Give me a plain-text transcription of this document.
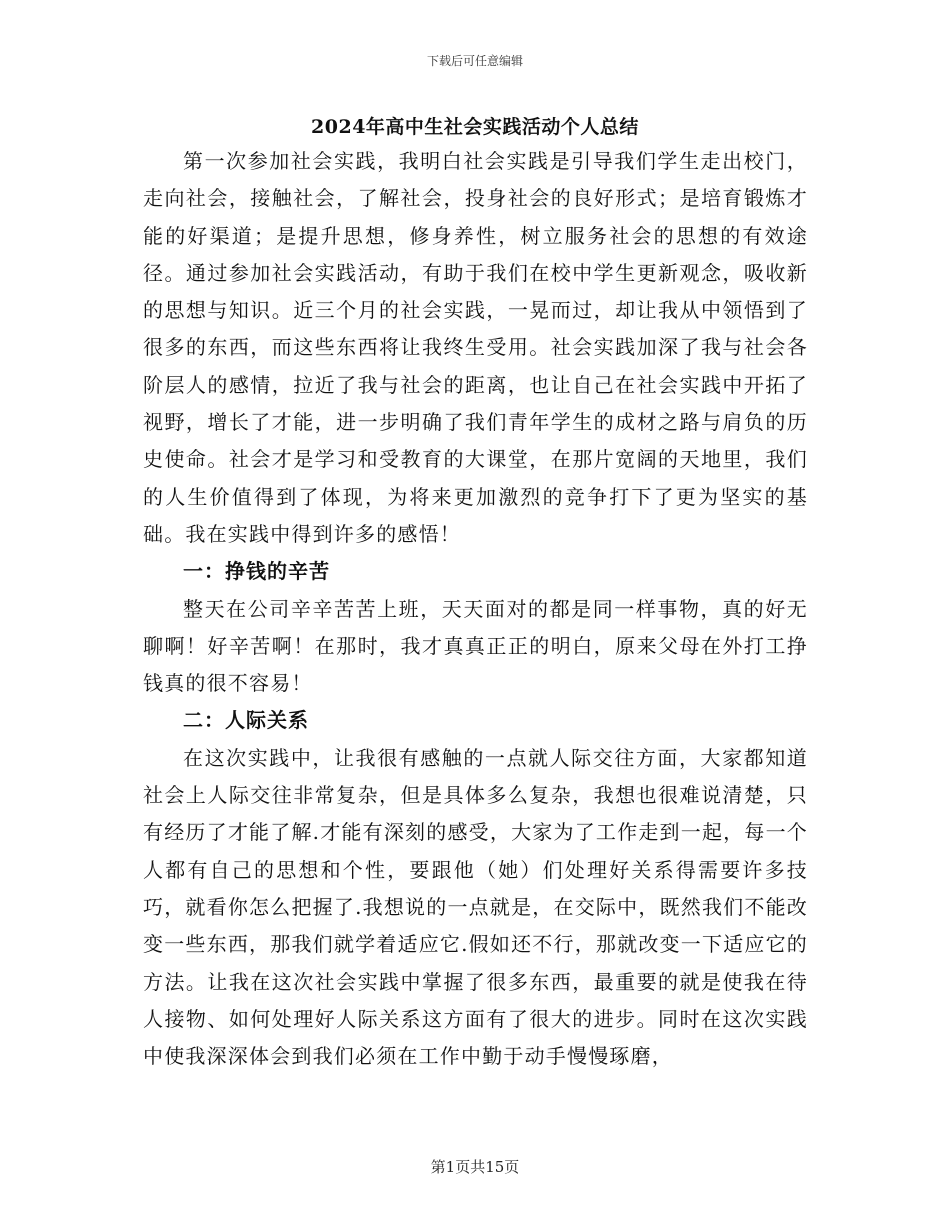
下载后可任意编辑
2024年高中生社会实践活动个人总结

第一次参加社会实践，我明白社会实践是引导我们学生走出校门，走向社会，接触社会，了解社会，投身社会的良好形式；是培育锻炼才能的好渠道；是提升思想，修身养性，树立服务社会的思想的有效途径。通过参加社会实践活动，有助于我们在校中学生更新观念，吸收新的思想与知识。近三个月的社会实践，一晃而过，却让我从中领悟到了很多的东西，而这些东西将让我终生受用。社会实践加深了我与社会各阶层人的感情，拉近了我与社会的距离，也让自己在社会实践中开拓了视野，增长了才能，进一步明确了我们青年学生的成材之路与肩负的历史使命。社会才是学习和受教育的大课堂，在那片宽阔的天地里，我们的人生价值得到了体现，为将来更加激烈的竞争打下了更为坚实的基础。我在实践中得到许多的感悟！

一：挣钱的辛苦

整天在公司辛辛苦苦上班，天天面对的都是同一样事物，真的好无聊啊！好辛苦啊！在那时，我才真真正正的明白，原来父母在外打工挣钱真的很不容易！

二：人际关系

在这次实践中，让我很有感触的一点就人际交往方面，大家都知道社会上人际交往非常复杂，但是具体多么复杂，我想也很难说清楚，只有经历了才能了解.才能有深刻的感受，大家为了工作走到一起，每一个人都有自己的思想和个性，要跟他（她）们处理好关系得需要许多技巧，就看你怎么把握了.我想说的一点就是，在交际中，既然我们不能改变一些东西，那我们就学着适应它.假如还不行，那就改变一下适应它的方法。让我在这次社会实践中掌握了很多东西，最重要的就是使我在待人接物、如何处理好人际关系这方面有了很大的进步。同时在这次实践中使我深深体会到我们必须在工作中勤于动手慢慢琢磨，

第1页共15页
